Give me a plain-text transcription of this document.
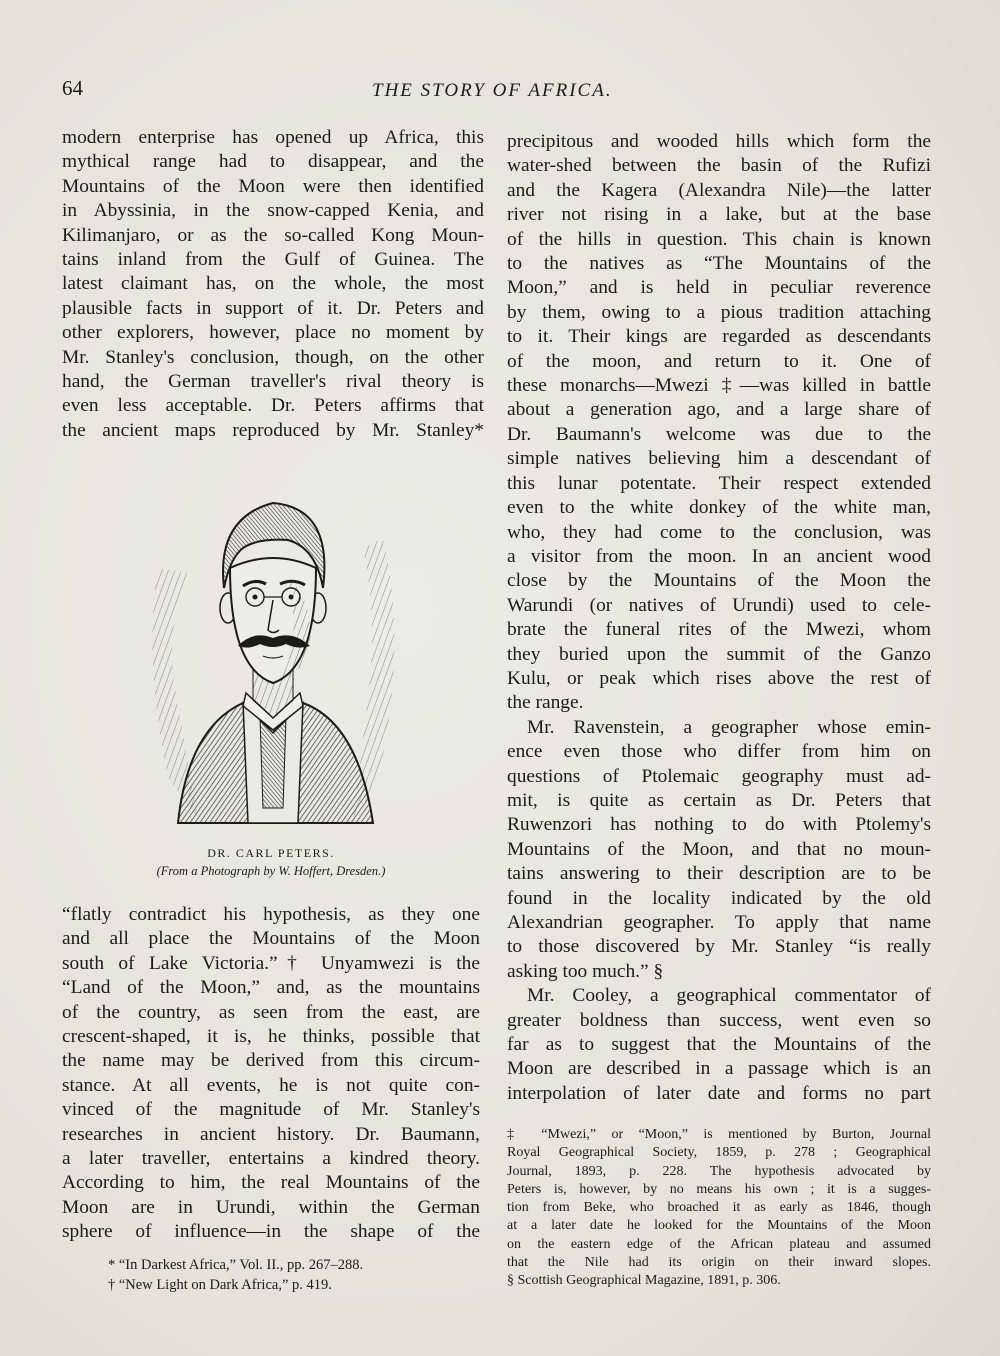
64	THE STORY OF AFRICA.
modern enterprise has opened up Africa, this
mythical range had to disappear, and the
Mountains of the Moon were then identified
in Abyssinia, in the snow-capped Kenia, and
Kilimanjaro, or as the so-called Kong Moun-
tains inland from the Gulf of Guinea. The
latest claimant has, on the whole, the most
plausible facts in support of it. Dr. Peters and
other explorers, however, place no moment by
Mr. Stanley's conclusion, though, on the other
hand, the German traveller's rival theory is
even less acceptable. Dr. Peters affirms that
the ancient maps reproduced by Mr. Stanley*
DR. CARL PETERS.
(From a Photograph by W. Hoffert, Dresden.)
“flatly contradict his hypothesis, as they one
and all place the Mountains of the Moon
south of Lake Victoria.”† Unyamwezi is the
“Land of the Moon,” and, as the mountains
of the country, as seen from the east, are
crescent-shaped, it is, he thinks, possible that
the name may be derived from this circum-
stance. At all events, he is not quite con-
vinced of the magnitude of Mr. Stanley's
researches in ancient history. Dr. Baumann,
a later traveller, entertains a kindred theory.
According to him, the real Mountains of the
Moon are in Urundi, within the German
sphere of influence—in the shape of the
precipitous and wooded hills which form the
water-shed between the basin of the Rufizi
and the Kagera (Alexandra Nile)—the latter
river not rising in a lake, but at the base
of the hills in question. This chain is known
to the natives as “The Mountains of the
Moon,” and is held in peculiar reverence
by them, owing to a pious tradition attaching
to it. Their kings are regarded as descendants
of the moon, and return to it. One of
these monarchs—Mwezi ‡—was killed in battle
about a generation ago, and a large share of
Dr. Baumann's welcome was due to the
simple natives believing him a descendant of
this lunar potentate. Their respect extended
even to the white donkey of the white man,
who, they had come to the conclusion, was
a visitor from the moon. In an ancient wood
close by the Mountains of the Moon the
Warundi (or natives of Urundi) used to cele-
brate the funeral rites of the Mwezi, whom
they buried upon the summit of the Ganzo
Kulu, or peak which rises above the rest of
the range.
Mr. Ravenstein, a geographer whose emin-
ence even those who differ from him on
questions of Ptolemaic geography must ad-
mit, is quite as certain as Dr. Peters that
Ruwenzori has nothing to do with Ptolemy's
Mountains of the Moon, and that no moun-
tains answering to their description are to be
found in the locality indicated by the old
Alexandrian geographer. To apply that name
to those discovered by Mr. Stanley “is really
asking too much.” §
Mr. Cooley, a geographical commentator of
greater boldness than success, went even so
far as to suggest that the Mountains of the
Moon are described in a passage which is an
interpolation of later date and forms no part
* “In Darkest Africa,” Vol. II., pp. 267–288.
† “New Light on Dark Africa,” p. 419.
‡ “Mwezi,” or “Moon,” is mentioned by Burton, Journal
Royal Geographical Society, 1859, p. 278 ; Geographical
Journal, 1893, p. 228. The hypothesis advocated by
Peters is, however, by no means his own ; it is a sugges-
tion from Beke, who broached it as early as 1846, though
at a later date he looked for the Mountains of the Moon
on the eastern edge of the African plateau and assumed
that the Nile had its origin on their inward slopes.
§ Scottish Geographical Magazine, 1891, p. 306.
